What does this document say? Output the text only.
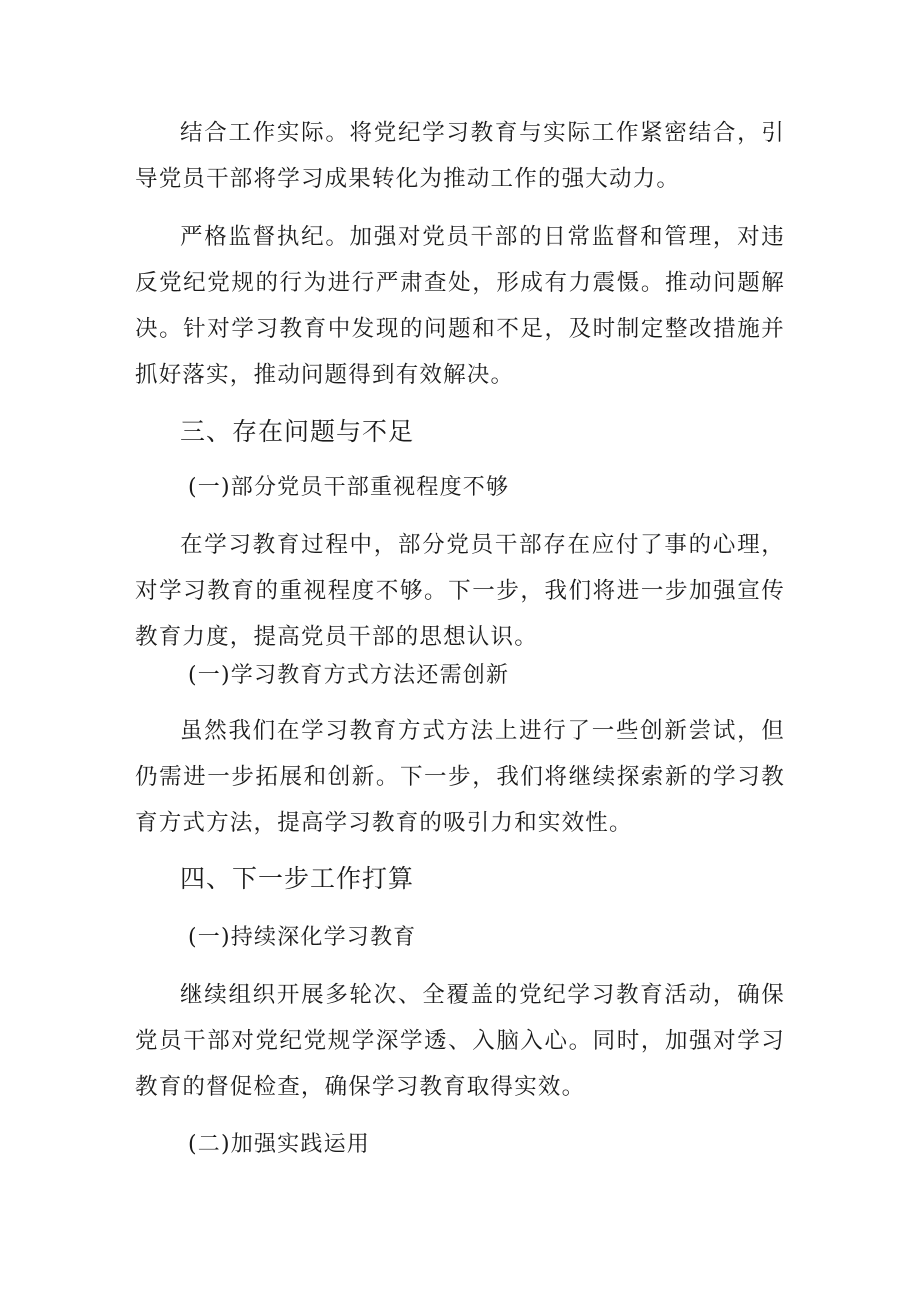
结合工作实际。将党纪学习教育与实际工作紧密结合，引导党员干部将学习成果转化为推动工作的强大动力。

严格监督执纪。加强对党员干部的日常监督和管理，对违反党纪党规的行为进行严肃查处，形成有力震慑。推动问题解决。针对学习教育中发现的问题和不足，及时制定整改措施并抓好落实，推动问题得到有效解决。

三、存在问题与不足

(一)部分党员干部重视程度不够

在学习教育过程中，部分党员干部存在应付了事的心理，对学习教育的重视程度不够。下一步，我们将进一步加强宣传教育力度，提高党员干部的思想认识。

(一)学习教育方式方法还需创新

虽然我们在学习教育方式方法上进行了一些创新尝试，但仍需进一步拓展和创新。下一步，我们将继续探索新的学习教育方式方法，提高学习教育的吸引力和实效性。

四、下一步工作打算

(一)持续深化学习教育

继续组织开展多轮次、全覆盖的党纪学习教育活动，确保党员干部对党纪党规学深学透、入脑入心。同时，加强对学习教育的督促检查，确保学习教育取得实效。

(二)加强实践运用
